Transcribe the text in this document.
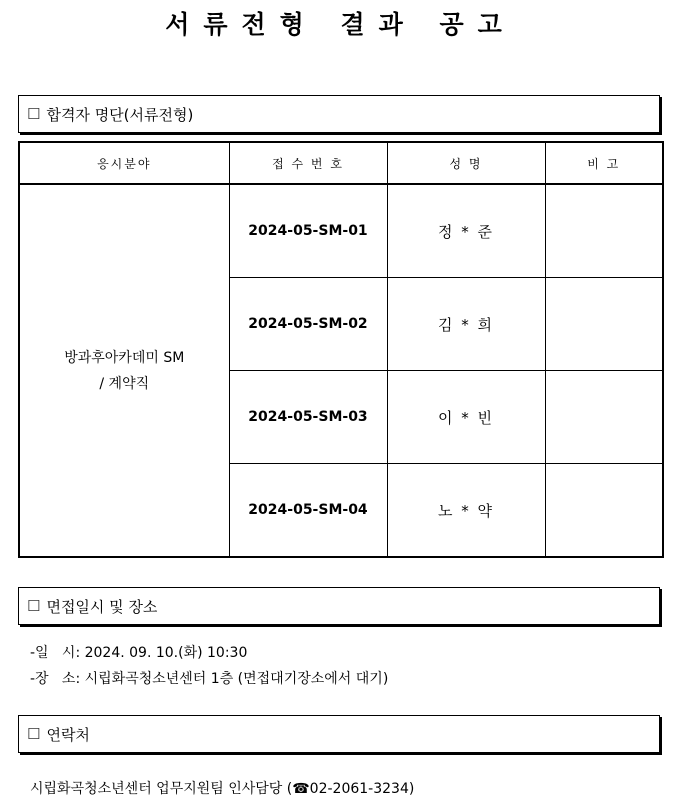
서류전형 결과 공고
☐ 합격자 명단(서류전형)
응시분야	접 수 번 호	성 명	비 고

방과후아카데미 SM
/ 계약직	2024-05-SM-01	정 * 준	
	2024-05-SM-02	김 * 희	
	2024-05-SM-03	이 * 빈	
	2024-05-SM-04	노 * 약	
☐ 면접일시 및 장소
-일   시: 2024. 09. 10.(화) 10:30
-장   소: 시립화곡청소년센터 1층 (면접대기장소에서 대기)
☐ 연락처
시립화곡청소년센터 업무지원팀 인사담당 (☎02-2061-3234)
